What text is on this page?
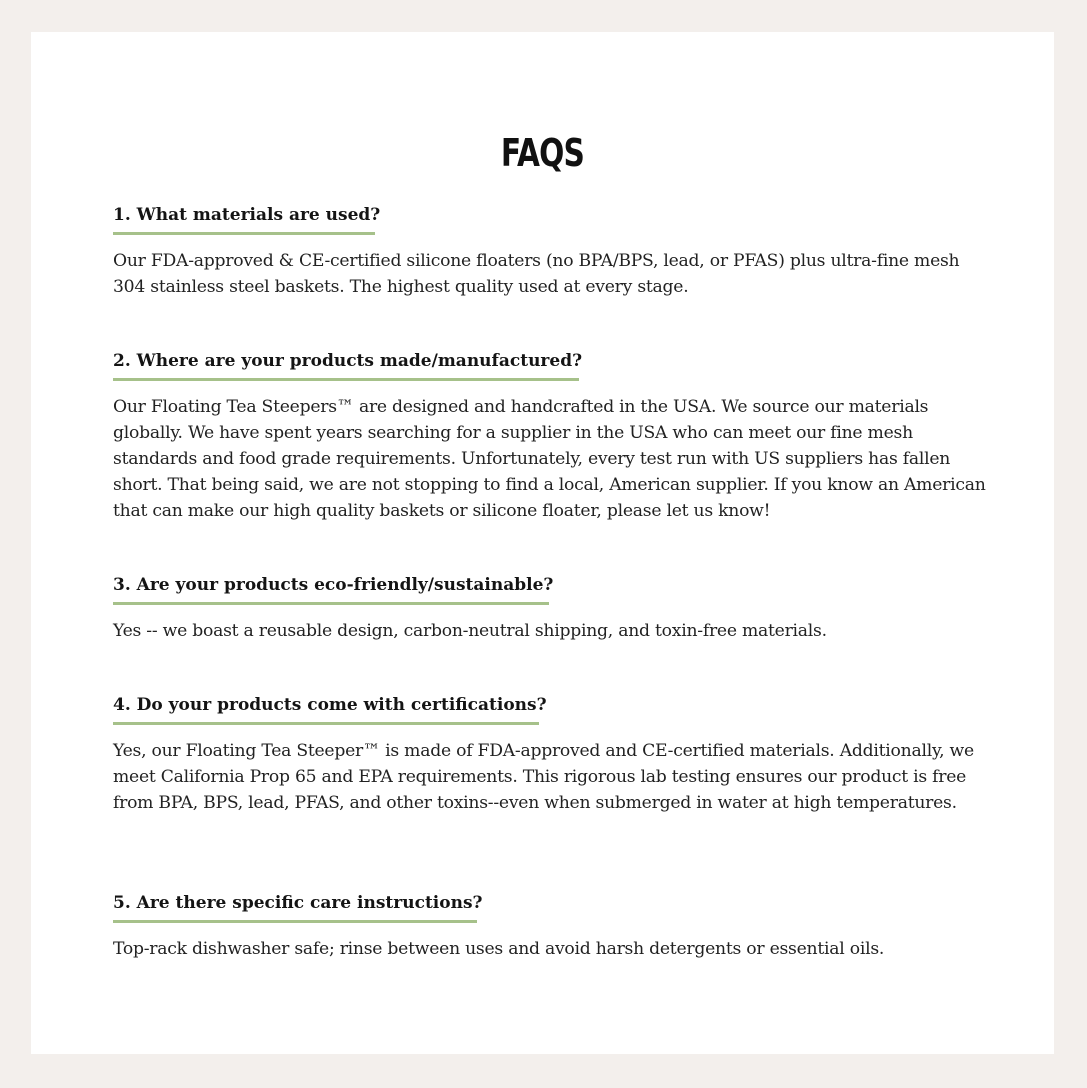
FAQS
1. What materials are used?
Our FDA-approved & CE-certified silicone floaters (no BPA/BPS, lead, or PFAS) plus ultra-fine mesh 304 stainless steel baskets. The highest quality used at every stage.
2. Where are your products made/manufactured?
Our Floating Tea Steepers™ are designed and handcrafted in the USA. We source our materials globally. We have spent years searching for a supplier in the USA who can meet our fine mesh standards and food grade requirements. Unfortunately, every test run with US suppliers has fallen short. That being said, we are not stopping to find a local, American supplier. If you know an American that can make our high quality baskets or silicone floater, please let us know!
3. Are your products eco-friendly/sustainable?
Yes -- we boast a reusable design, carbon-neutral shipping, and toxin-free materials.
4. Do your products come with certifications?
Yes, our Floating Tea Steeper™ is made of FDA-approved and CE-certified materials. Additionally, we meet California Prop 65 and EPA requirements. This rigorous lab testing ensures our product is free from BPA, BPS, lead, PFAS, and other toxins--even when submerged in water at high temperatures.
5. Are there specific care instructions?
Top-rack dishwasher safe; rinse between uses and avoid harsh detergents or essential oils.
